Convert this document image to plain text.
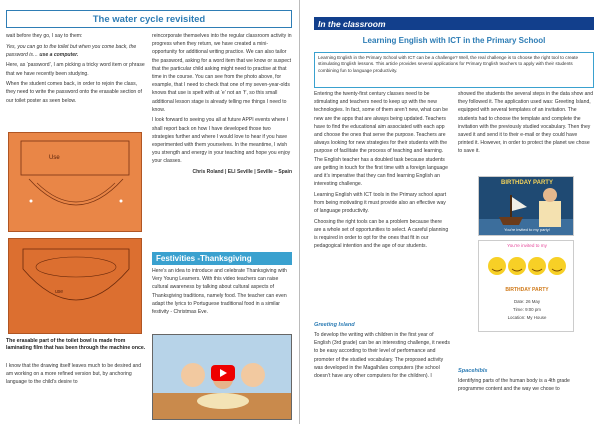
The water cycle revisited

wait before they go, I say to them:

Yes, you can go to the toilet but when you come back, the password is… use a computer.

Here, as ‘password’, I am picking a tricky word item or phrase that we have recently been studying.

When the student comes back, in order to rejoin the class, they need to write the password onto the erasable section of our toilet poster as seen below.

Use
use
The erasable part of the toilet bowl is made from laminating film that has been through the machine once.

I know that the drawing itself leaves much to be desired and am working on a more refined version but, by anchoring language to the child’s desire to

reincorporate themselves into the regular classroom activity in progress when they return, we have created a mini-opportunity for additional writing practice. We can also tailor the password, asking for a word item that we know or suspect that the particular child asking might need to practise at that time in the course. You can see from the photo above, for example, that I need to check that one of my seven-year-olds knows that use is spelt with at ‘e’ not an ‘f’, so this small additional lesson stage is already telling me things I need to know.

I look forward to seeing you all at future APPI events where I shall report back on how I have developed those two strategies further and where I would love to hear if you have experimented with them yourselves. In the meantime, I wish you strength and energy in your teaching and hope you enjoy your classes.

Chris Roland | ELI Seville | Seville – Spain

Festivities -Thanksgiving

Here’s an idea to introduce and celebrate Thanksgiving with Very Young Learners. With this video teachers can raise cultural awareness by talking about cultural aspects of Thanksgiving traditions, namely food. The teacher can even adapt the lyrics to Portuguese traditional food in a similar festivity - Christmas Eve.

In the classroom
Learning English with ICT in the Primary School

Learning English in the Primary School with ICT can be a challenge? Well, the real challenge is to choose the right tool to create stimulating English lessons. This article provides several applications for Primary English teachers to apply with their students combining fun to language productivity.

Entering the twenty-first century classes need to be stimulating and teachers need to keep up with the new technologies. In fact, some of them aren’t new, what can be new are the apps that are always being updated. Teachers have to find the educational aim associated with each app and choose the ones that serve the purpose. Teachers are always looking for new strategies for their students with the purpose of facilitate the process of teaching and learning. The English teacher has a doubled task because students are getting in touch for the first time with a foreign language and it’s imperative that they can find learning English an interesting challenge.

Learning English with ICT tools in the Primary school apart from being motivating it must provide also an effective way of language productivity.

Choosing the right tools can be a problem because there are a whole set of opportunities to select. A careful planning is required in order to opt for the ones that fit in our pedagogical intention and the age of our students.

Greeting Island

To develop the writing with children in the first year of English (3rd grade) can be an interesting challenge, it needs to be easy according to their level of performance and promoter of the studied vocabulary. The proposed activity was developed in the Magalhães computers (the school doesn’t have any other computers for the children). I

showed the students the several steps in the data show and they followed it. The application used was: Greeting Island, equipped with several templates of an invitation. The students had to choose the template and complete the invitation with the previously studied vocabulary. Then they saved it and send it to their e-mail or they could have printed it. However, in order to protect the planet we chose to save it.

BIRTHDAY PARTY
You're invited to my party!
You're invited to my
BIRTHDAY PARTY
Date: 26 May
Time: 9:00 pm
Location: My House
Spacehibls

Identifying parts of the human body is a 4th grade programme content and the way we chose to
